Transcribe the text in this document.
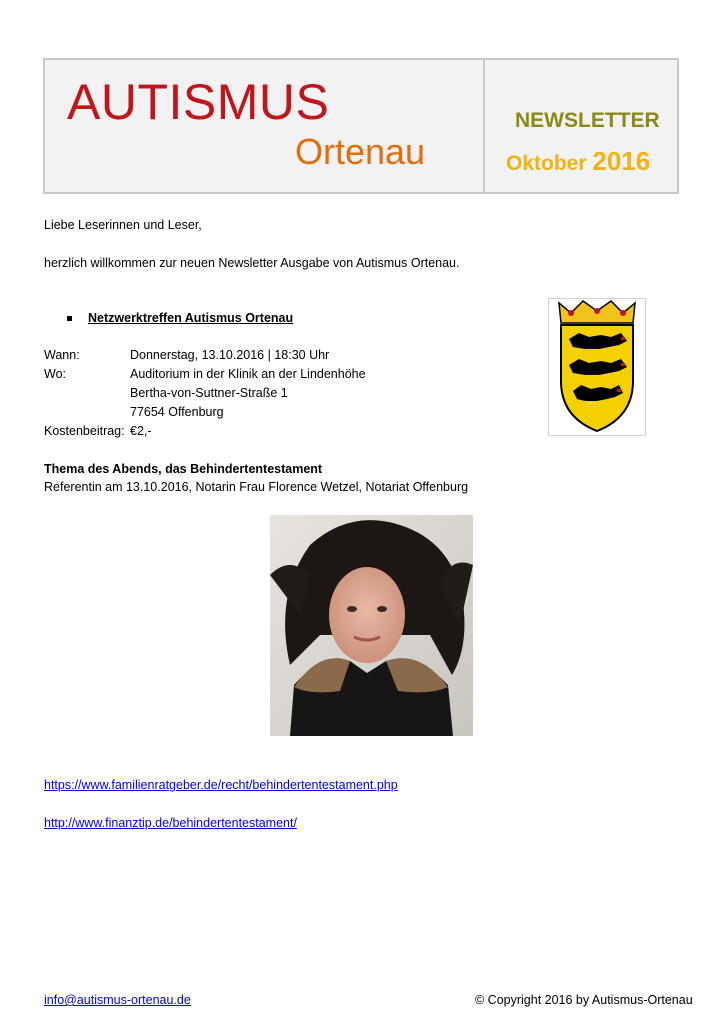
AUTISMUS
Ortenau
NEWSLETTER
Oktober 2016
Liebe Leserinnen und Leser,
herzlich willkommen zur neuen Newsletter Ausgabe von Autismus Ortenau.
Netzwerktreffen Autismus Ortenau
Wann:	Donnerstag, 13.10.2016 | 18:30 Uhr
Wo:	Auditorium in der Klinik an der Lindenhöhe
Bertha-von-Suttner-Straße 1
77654 Offenburg
Kostenbeitrag: €2,-
Thema des Abends, das Behindertentestament
Referentin am 13.10.2016, Notarin Frau Florence Wetzel, Notariat Offenburg
https://www.familienratgeber.de/recht/behindertentestament.php
http://www.finanztip.de/behindertentestament/
info@autismus-ortenau.de	© Copyright 2016 by Autismus-Ortenau
